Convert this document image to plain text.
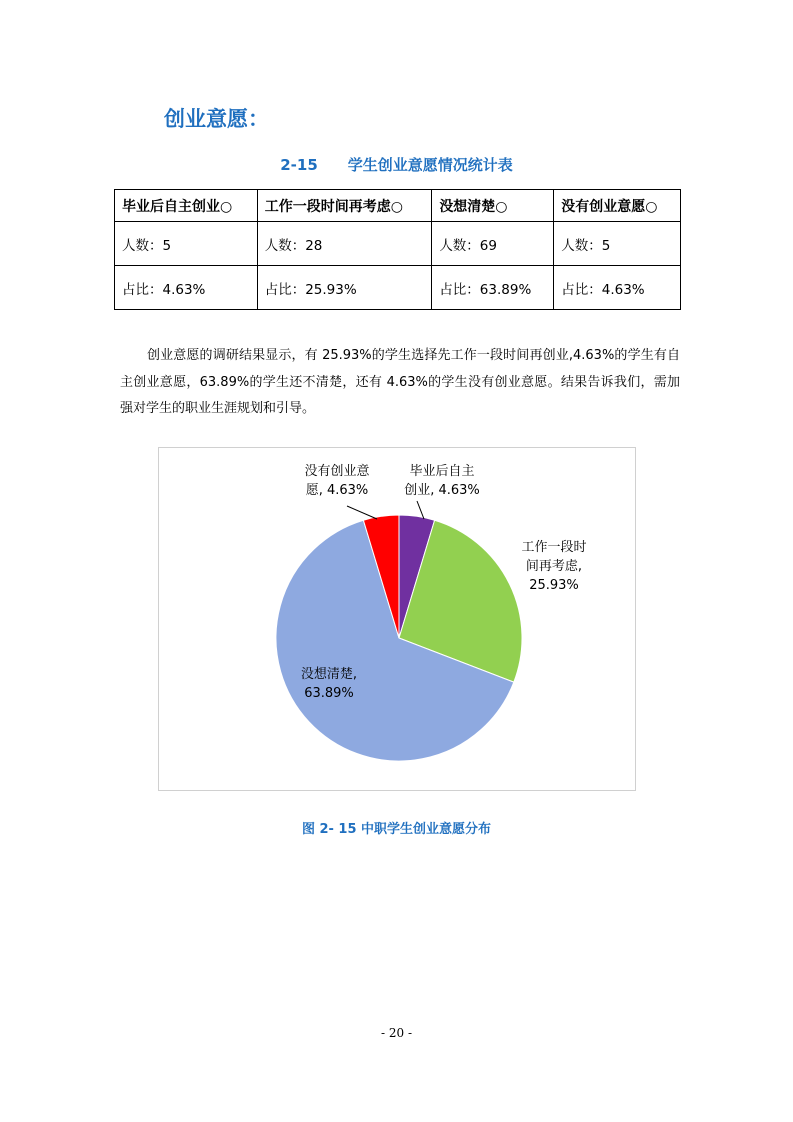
创业意愿：
2-15　　学生创业意愿情况统计表
毕业后自主创业○	工作一段时间再考虑○	没想清楚○	没有创业意愿○
人数：5	人数：28	人数：69	人数：5
占比：4.63%	占比：25.93%	占比：63.89%	占比：4.63%
创业意愿的调研结果显示，有 25.93%的学生选择先工作一段时间再创业,4.63%的学生有自主创业意愿，63.89%的学生还不清楚，还有 4.63%的学生没有创业意愿。结果告诉我们，需加强对学生的职业生涯规划和引导。
毕业后自主创业, 4.63%
工作一段时间再考虑, 25.93%
没想清楚, 63.89%
没有创业意愿, 4.63%
图 2- 15 中职学生创业意愿分布
- 20 -
